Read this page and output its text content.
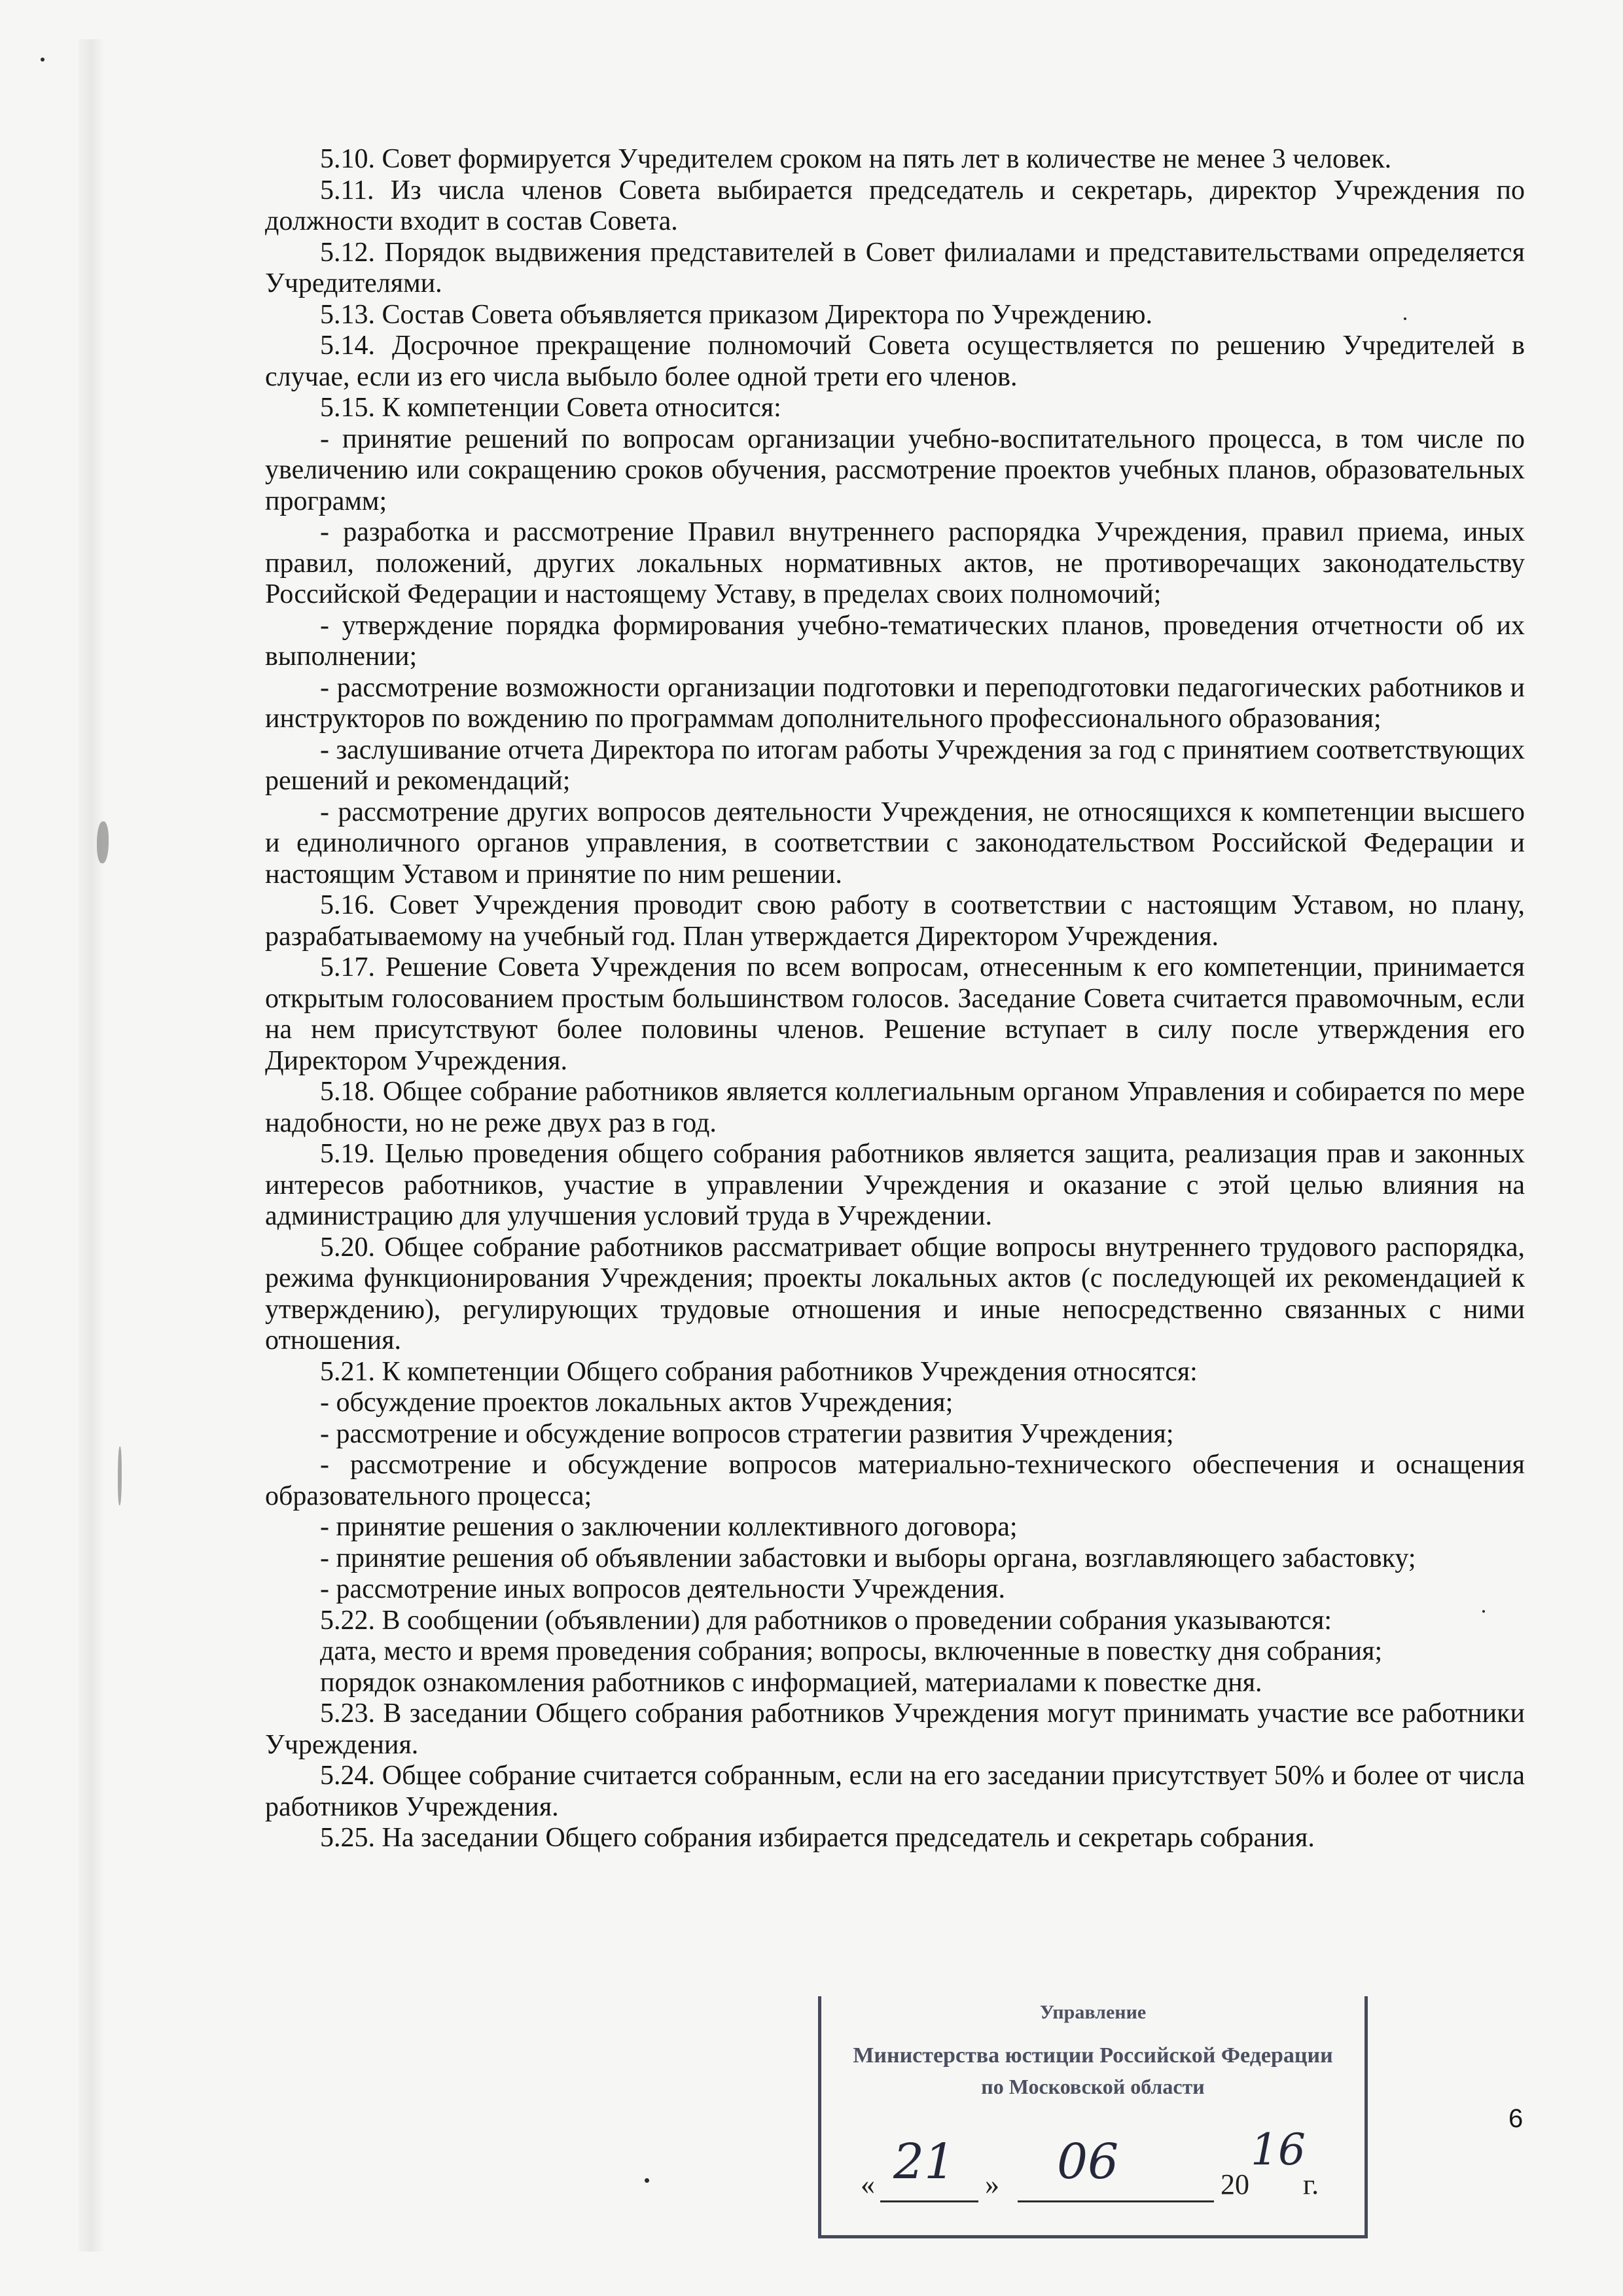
5.10. Совет формируется Учредителем сроком на пять лет в количестве не менее 3 человек.

5.11. Из числа членов Совета выбирается председатель и секретарь, директор Учреждения по должности входит в состав Совета.

5.12. Порядок выдвижения представителей в Совет филиалами и представительствами определяется Учредителями.

5.13. Состав Совета объявляется приказом Директора по Учреждению.

5.14. Досрочное прекращение полномочий Совета осуществляется по решению Учредителей в случае, если из его числа выбыло более одной трети его членов.

5.15. К компетенции Совета относится:

- принятие решений по вопросам организации учебно-воспитательного процесса, в том числе по увеличению или сокращению сроков обучения, рассмотрение проектов учебных планов, образовательных программ;

- разработка и рассмотрение Правил внутреннего распорядка Учреждения, правил приема, иных правил, положений, других локальных нормативных актов, не противоречащих законодательству Российской Федерации и настоящему Уставу, в пределах своих полномочий;

- утверждение порядка формирования учебно-тематических планов, проведения отчетности об их выполнении;

- рассмотрение возможности организации подготовки и переподготовки педагогических работников и инструкторов по вождению по программам дополнительного профессионального образования;

- заслушивание отчета Директора по итогам работы Учреждения за год с принятием соответствующих решений и рекомендаций;

- рассмотрение других вопросов деятельности Учреждения, не относящихся к компетенции высшего и единоличного органов управления, в соответствии с законодательством Российской Федерации и настоящим Уставом и принятие по ним решении.

5.16. Совет Учреждения проводит свою работу в соответствии с настоящим Уставом, но плану, разрабатываемому на учебный год. План утверждается Директором Учреждения.

5.17. Решение Совета Учреждения по всем вопросам, отнесенным к его компетенции, принимается открытым голосованием простым большинством голосов. Заседание Совета считается правомочным, если на нем присутствуют более половины членов. Решение вступает в силу после утверждения его Директором Учреждения.

5.18. Общее собрание работников является коллегиальным органом Управления и собирается по мере надобности, но не реже двух раз в год.

5.19. Целью проведения общего собрания работников является защита, реализация прав и законных интересов работников, участие в управлении Учреждения и оказание с этой целью влияния на администрацию для улучшения условий труда в Учреждении.

5.20. Общее собрание работников рассматривает общие вопросы внутреннего трудового распорядка, режима функционирования Учреждения; проекты локальных актов (с последующей их рекомендацией к утверждению), регулирующих трудовые отношения и иные непосредственно связанных с ними отношения.

5.21. К компетенции Общего собрания работников Учреждения относятся:

- обсуждение проектов локальных актов Учреждения;

- рассмотрение и обсуждение вопросов стратегии развития Учреждения;

- рассмотрение и обсуждение вопросов материально-технического обеспечения и оснащения образовательного процесса;

- принятие решения о заключении коллективного договора;

- принятие решения об объявлении забастовки и выборы органа, возглавляющего забастовку;

- рассмотрение иных вопросов деятельности Учреждения.

5.22. В сообщении (объявлении) для работников о проведении собрания указываются:

дата, место и время проведения собрания; вопросы, включенные в повестку дня собрания;

порядок ознакомления работников с информацией, материалами к повестке дня.

5.23. В заседании Общего собрания работников Учреждения могут принимать участие все работники Учреждения.

5.24. Общее собрание считается собранным, если на его заседании присутствует 50% и более от числа работников Учреждения.

5.25. На заседании Общего собрания избирается председатель и секретарь собрания.

6
Управление
Министерства юстиции Российской Федерации
по Московской области
« 21 » 06	20
16
г.
